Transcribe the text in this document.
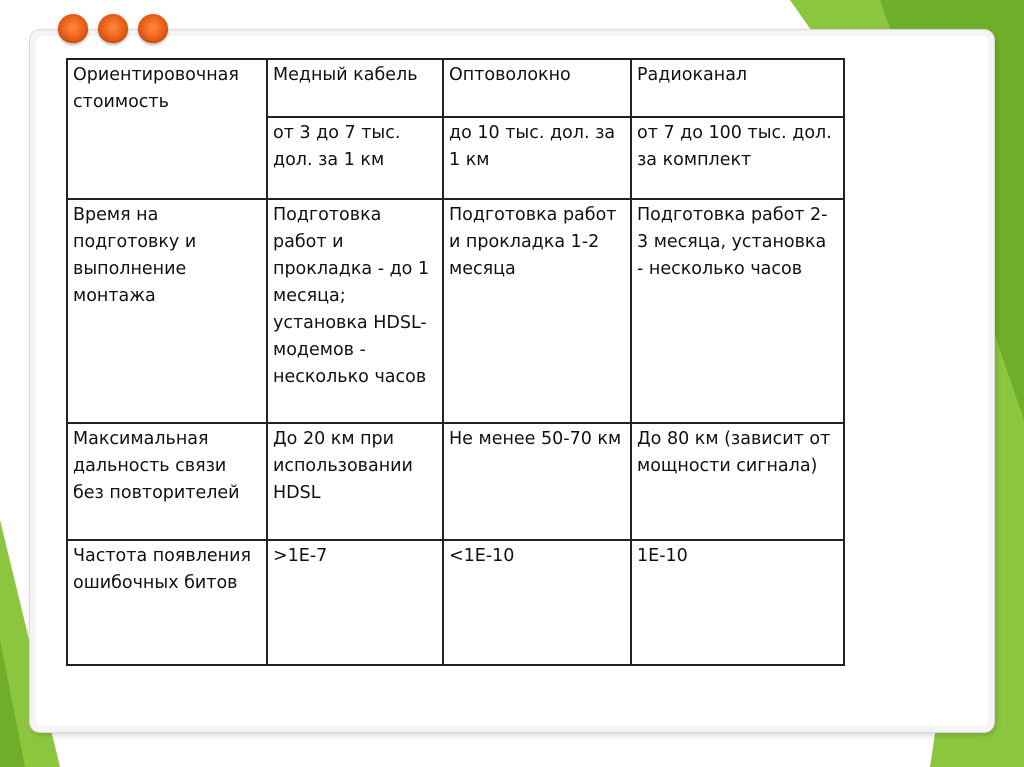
Ориентировочная стоимость	Медный кабель	Оптоволокно	Радиоканал
	от 3 до 7 тыс. дол. за 1 км	до 10 тыс. дол. за 1 км	от 7 до 100 тыс. дол. за комплект
Время на подготовку и выполнение монтажа	Подготовка работ и прокладка - до 1 месяца; установка HDSL-модемов - несколько часов	Подготовка работ и прокладка 1-2 месяца	Подготовка работ 2-3 месяца, установка - несколько часов
Максимальная дальность связи без повторителей	До 20 км при использовании HDSL	Не менее 50-70 км	До 80 км (зависит от мощности сигнала)
Частота появления ошибочных битов	>1E-7	<1E-10	1E-10
